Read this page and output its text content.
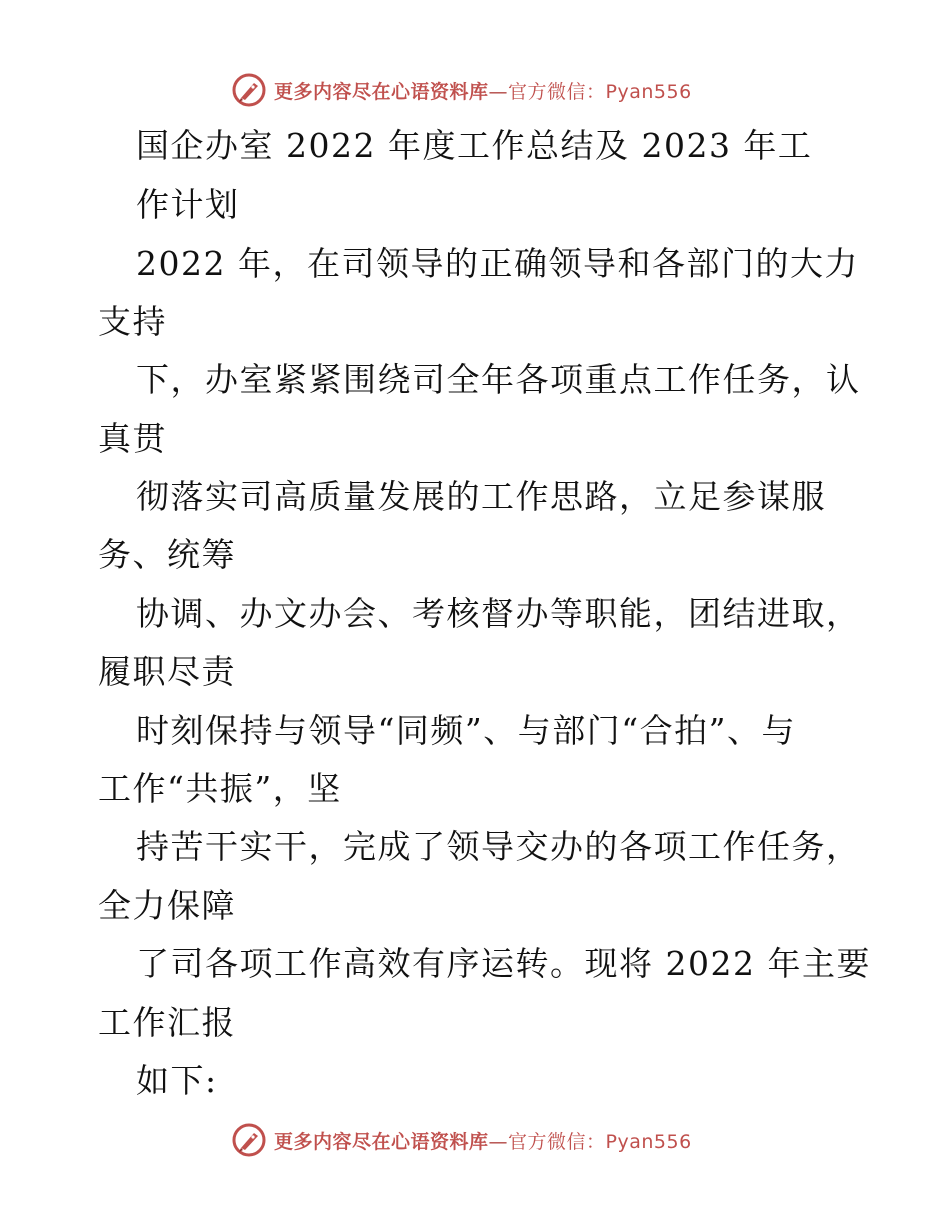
更多内容尽在心语资料库—官方微信：Pyan556
国企办室 2022 年度工作总结及 2023 年工
作计划
2022 年，在司领导的正确领导和各部门的大力
支持
下，办室紧紧围绕司全年各项重点工作任务，认
真贯
彻落实司高质量发展的工作思路，立足参谋服
务、统筹
协调、办文办会、考核督办等职能，团结进取，
履职尽责
时刻保持与领导“同频”、与部门“合拍”、与
工作“共振”，坚
持苦干实干，完成了领导交办的各项工作任务，
全力保障
了司各项工作高效有序运转。现将 2022 年主要
工作汇报
如下:
更多内容尽在心语资料库—官方微信：Pyan556
